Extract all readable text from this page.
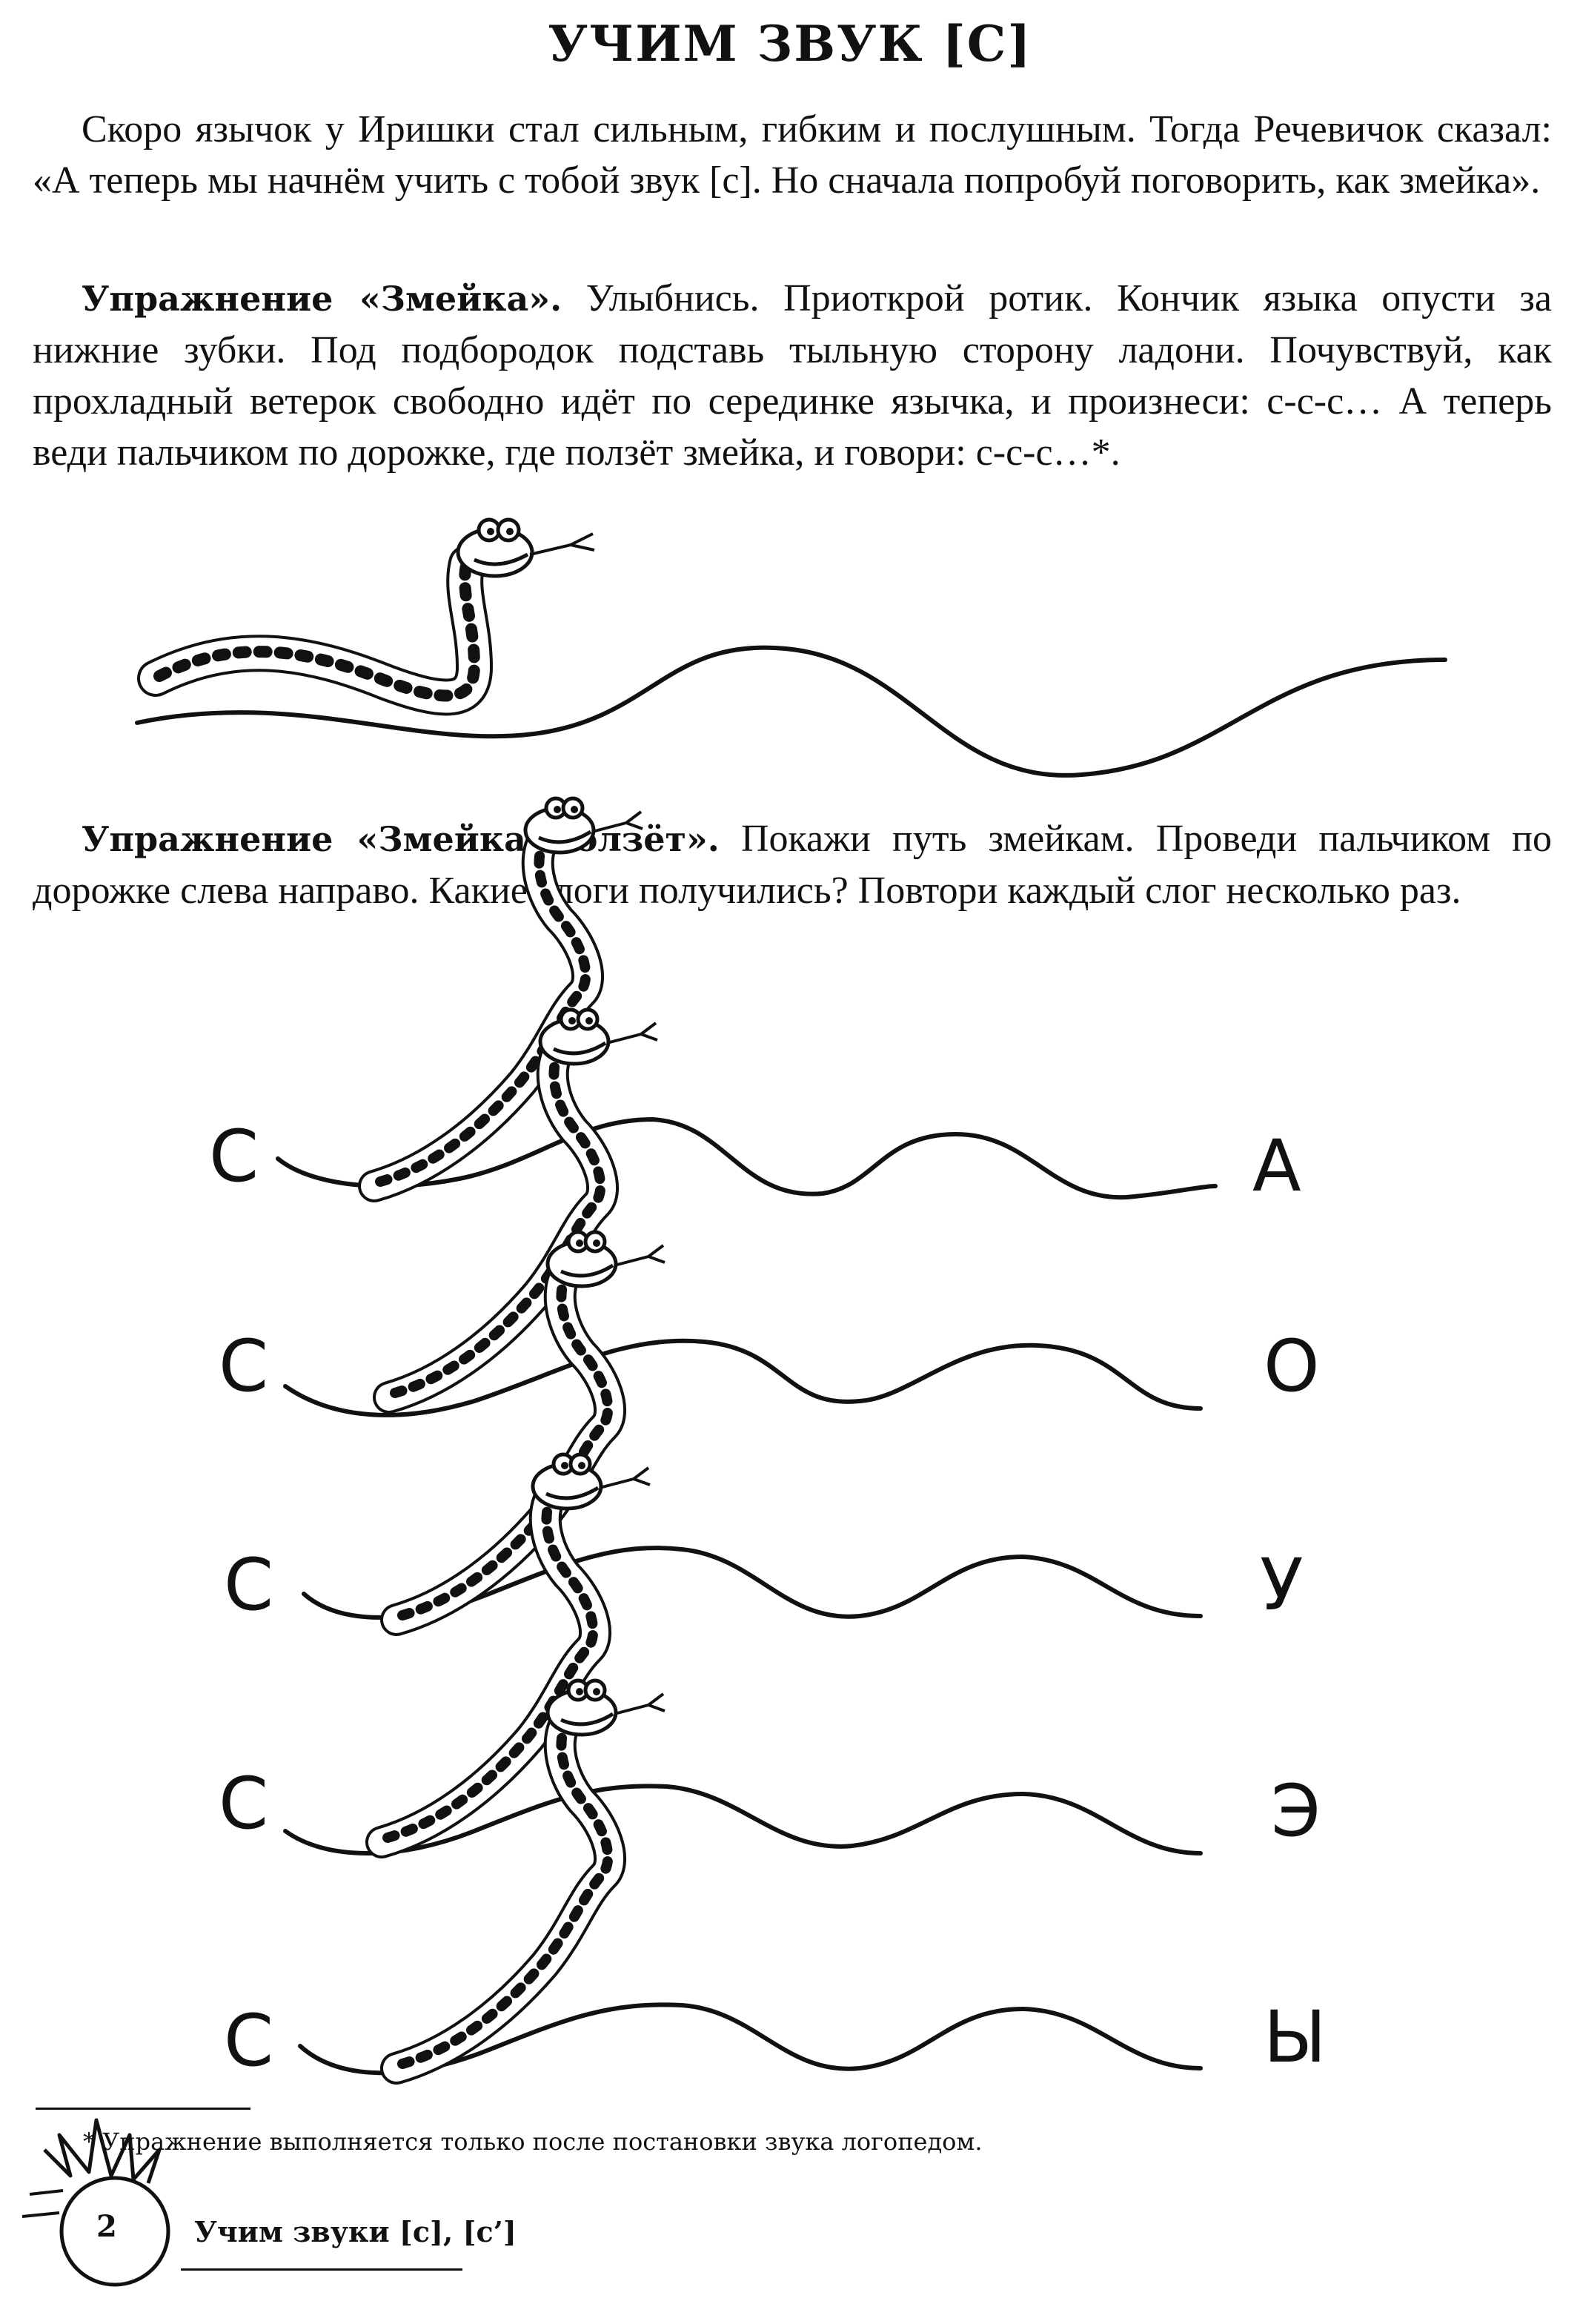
УЧИМ ЗВУК [С]

Скоро язычок у Иришки стал сильным, гибким и послушным. Тогда Речевичок сказал: «А теперь мы начнём учить с тобой звук [с]. Но сначала попробуй поговорить, как змейка».

Упражнение «Змейка». Улыбнись. Приоткрой ротик. Кончик языка опусти за нижние зубки. Под подбородок подставь тыльную сторону ладони. Почувствуй, как прохладный ветерок свободно идёт по серединке язычка, и произнеси: с-с-с… А теперь веди пальчиком по дорожке, где ползёт змейка, и говори: с-с-с…*.

Упражнение «Змейка ползёт». Покажи путь змейкам. Проведи пальчиком по дорожке слева направо. Какие слоги получились? Повтори каждый слог несколько раз.

С	А
С	О
С	У
С	Э
С	Ы
* Упражнение выполняется только после постановки звука логопедом.
2	Учим звуки [с], [с’]
